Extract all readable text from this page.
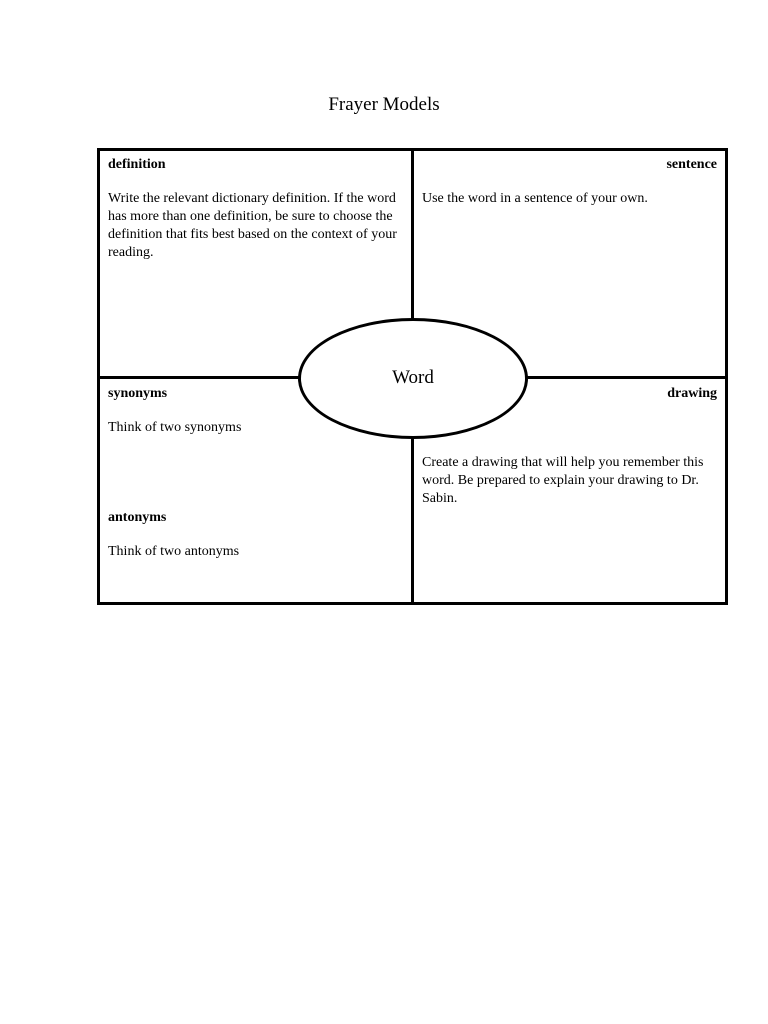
Frayer Models
definition
Write the relevant dictionary definition. If the word has more than one definition, be sure to choose the definition that fits best based on the context of your reading.
sentence
Use the word in a sentence of your own.
synonyms
Think of two synonyms
antonyms
Think of two antonyms
drawing
Create a drawing that will help you remember this word. Be prepared to explain your drawing to Dr. Sabin.
Word
